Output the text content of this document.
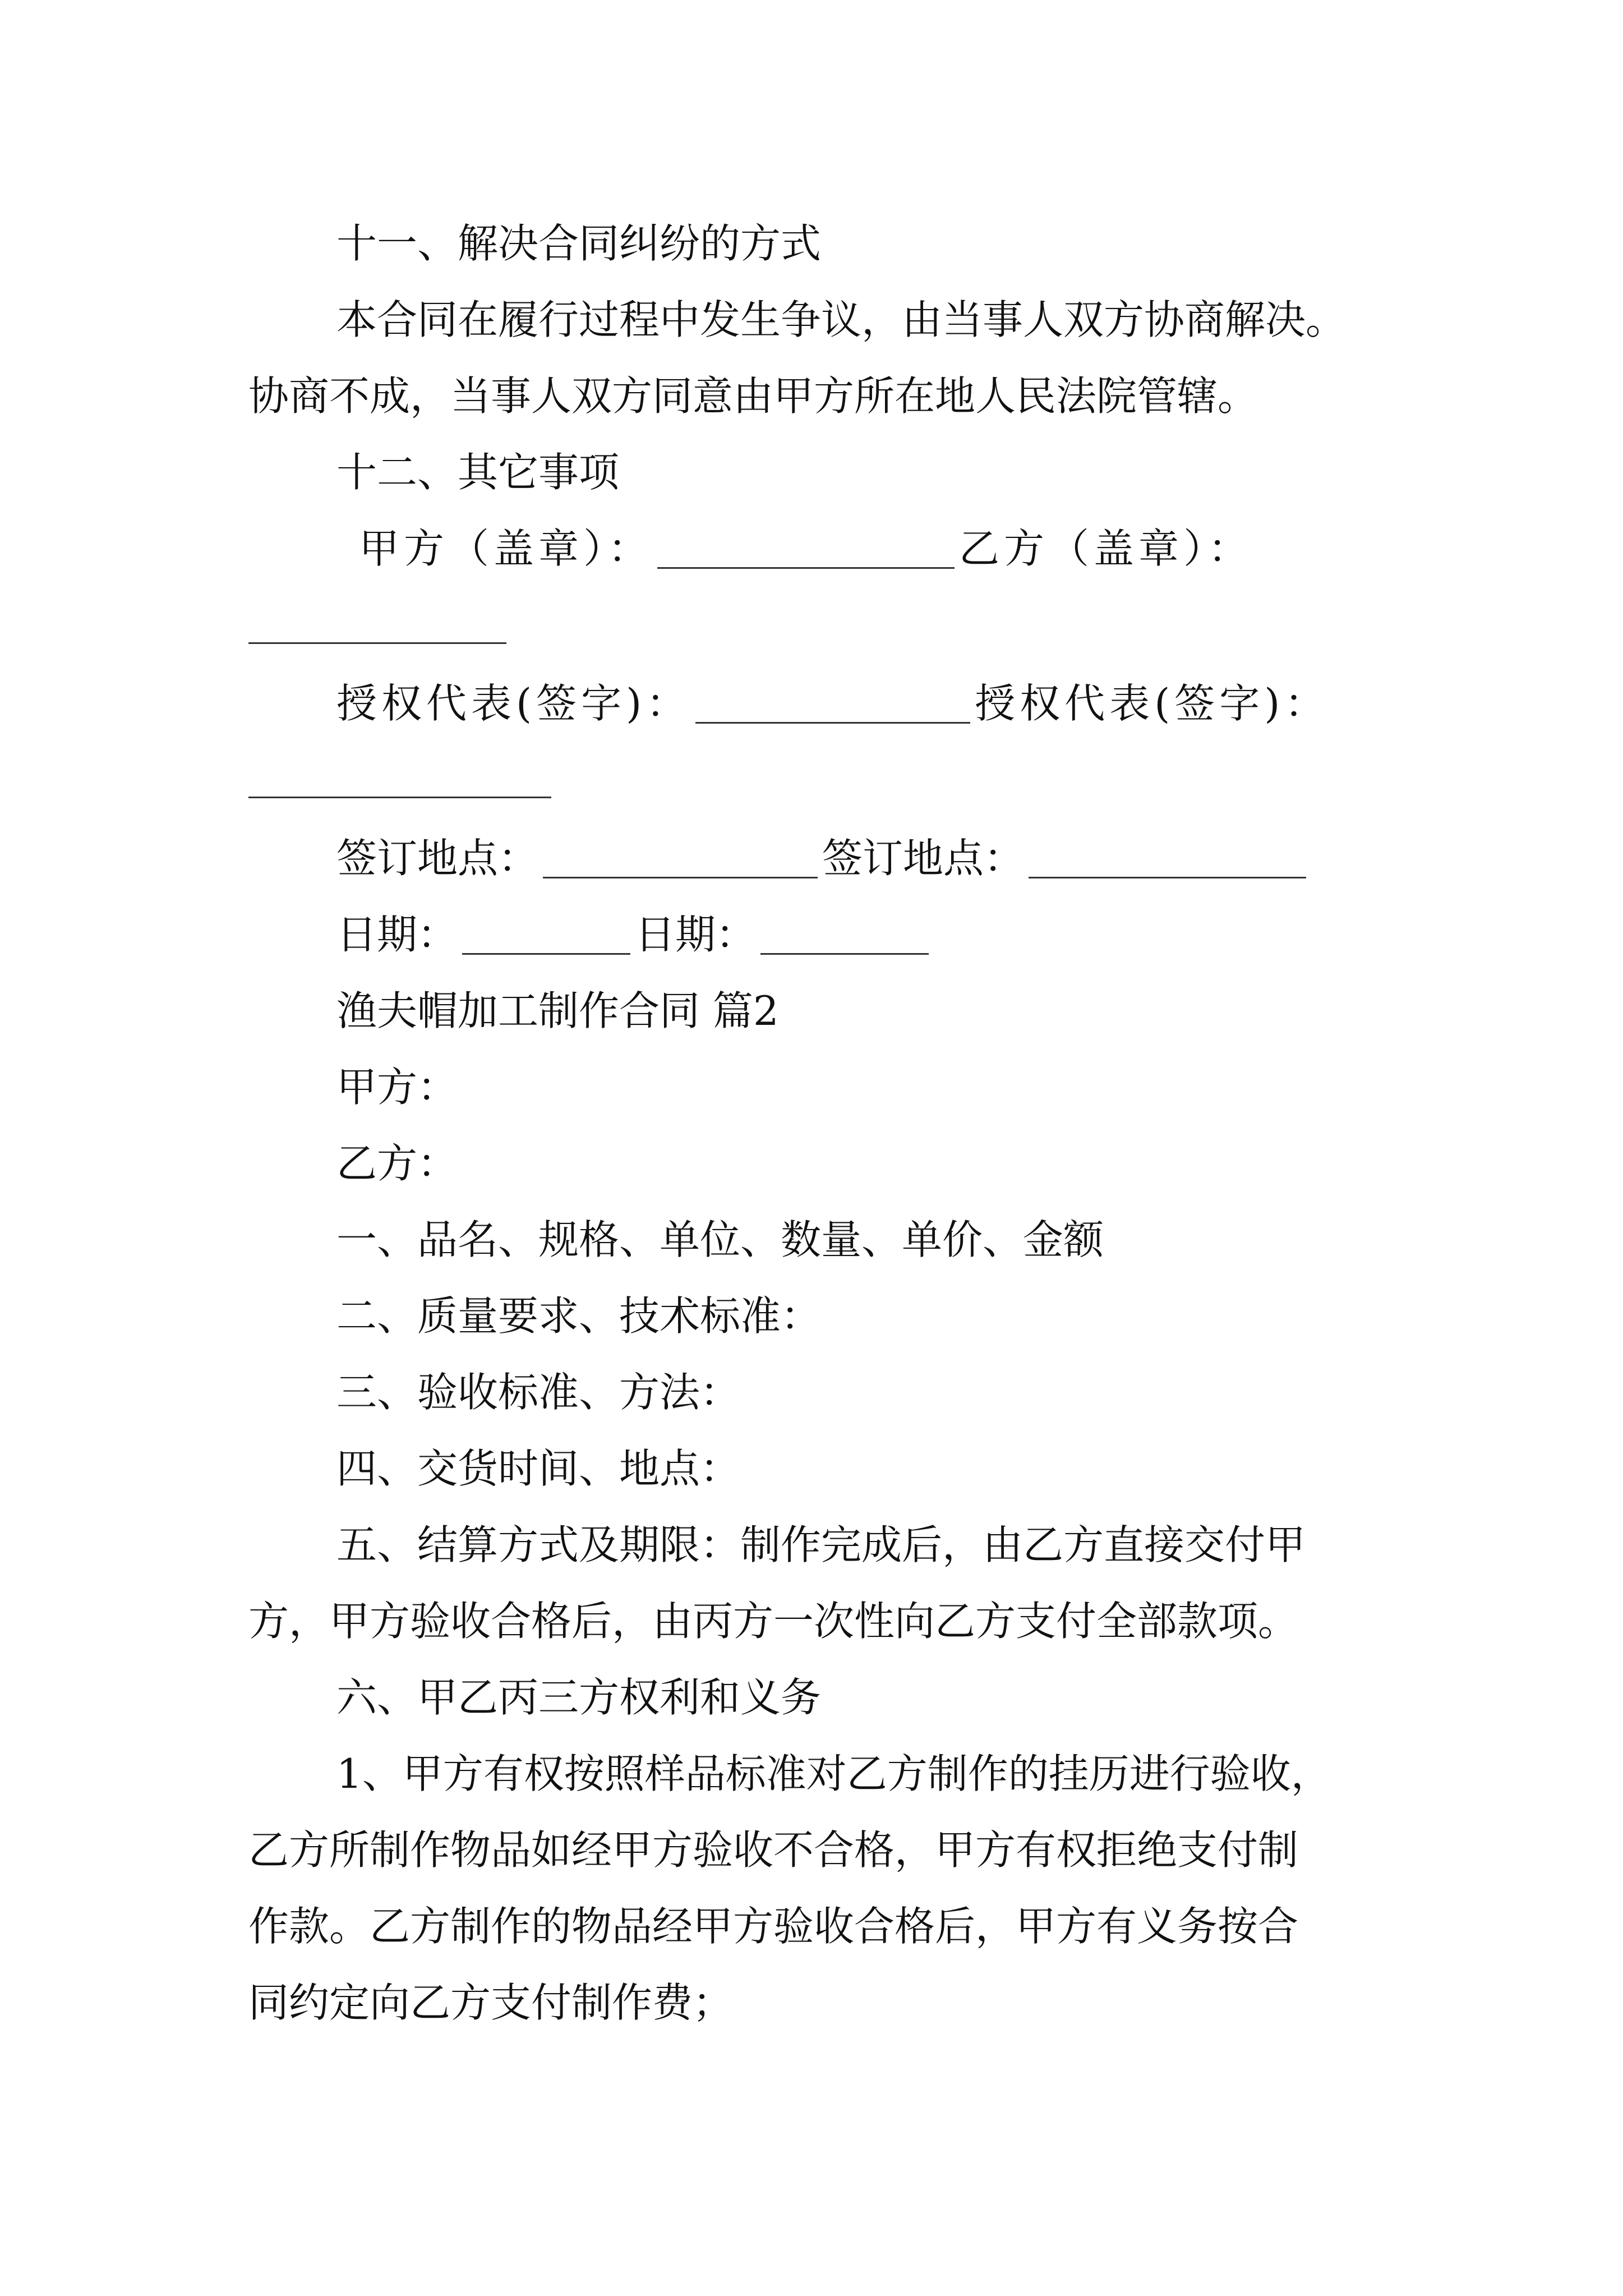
十一、解决合同纠纷的方式
本合同在履行过程中发生争议，由当事人双方协商解决。
协商不成，当事人双方同意由甲方所在地人民法院管辖。
十二、其它事项
甲方（盖章）：	乙方（盖章）：
授权代表(签字)：	授权代表(签字)：
签订地点：	签订地点：
日期：	日期：
渔夫帽加工制作合同 篇2
甲方：
乙方：
一、品名、规格、单位、数量、单价、金额
二、质量要求、技术标准：
三、验收标准、方法：
四、交货时间、地点：
五、结算方式及期限：制作完成后，由乙方直接交付甲
方，甲方验收合格后，由丙方一次性向乙方支付全部款项。
六、甲乙丙三方权利和义务
1、甲方有权按照样品标准对乙方制作的挂历进行验收，
乙方所制作物品如经甲方验收不合格，甲方有权拒绝支付制
作款。乙方制作的物品经甲方验收合格后，甲方有义务按合
同约定向乙方支付制作费；
